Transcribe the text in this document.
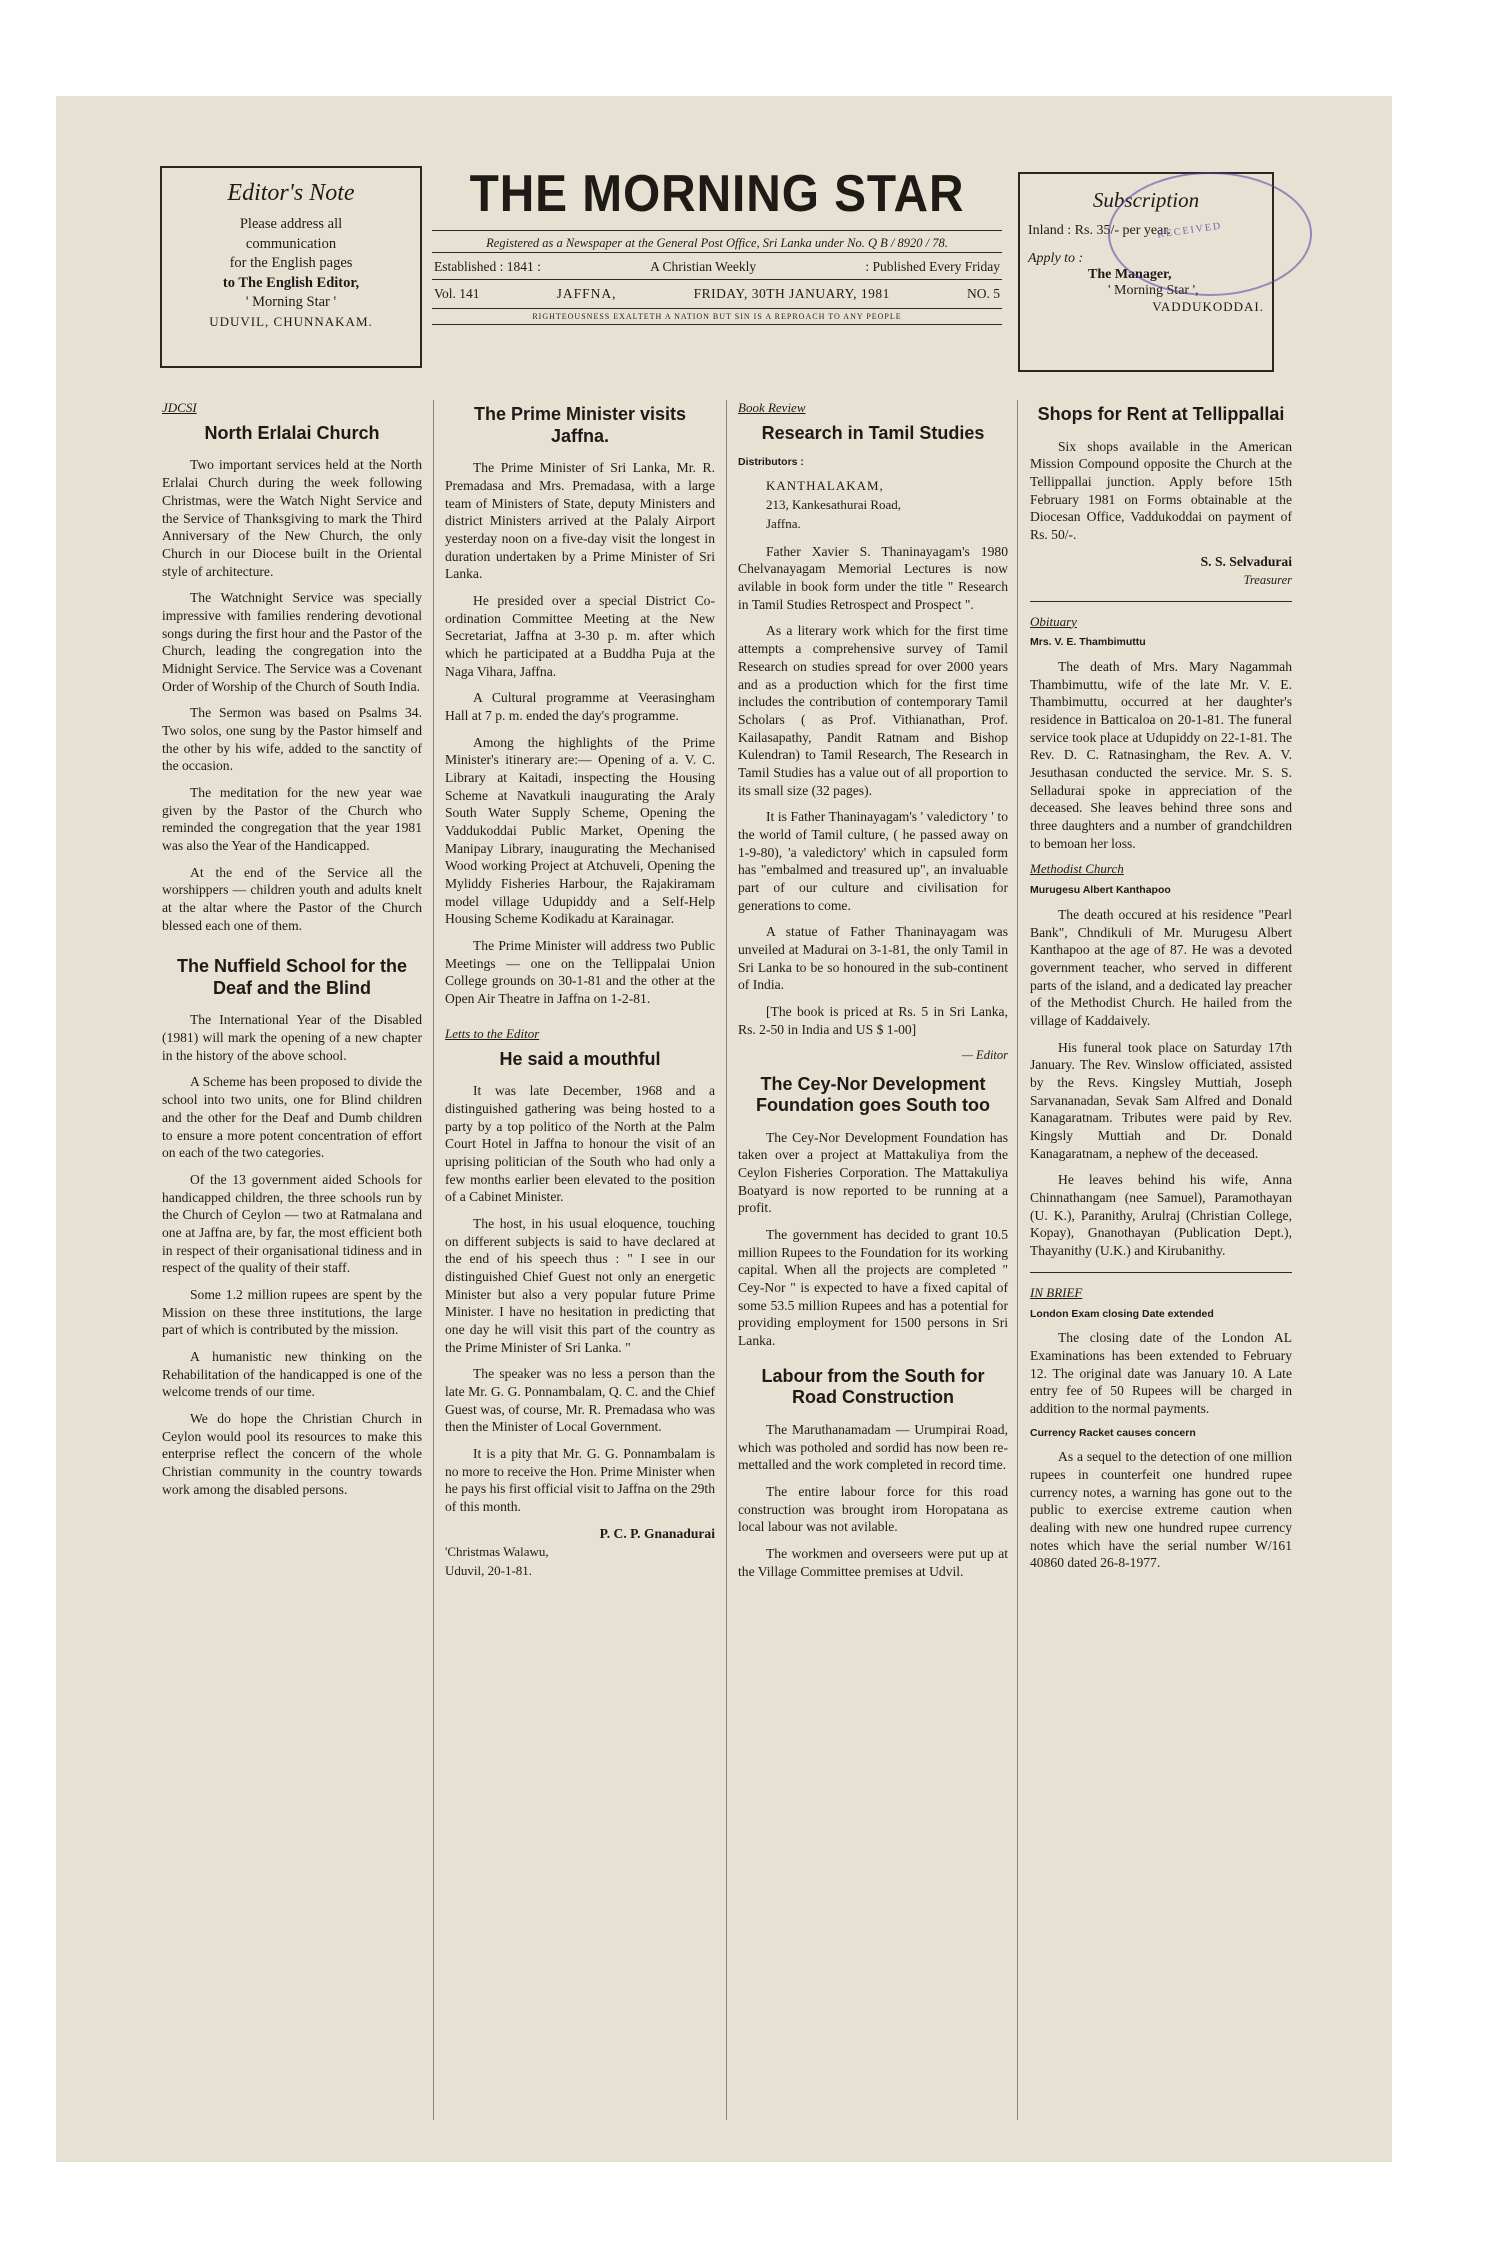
Editor's Note
Please address all
communication
for the English pages
to The English Editor,
' Morning Star '
UDUVIL, CHUNNAKAM.
THE MORNING STAR
Registered as a Newspaper at the General Post Office, Sri Lanka under No. Q B / 8920 / 78.
Established : 1841 :	A Christian Weekly	: Published Every Friday
Vol. 141	JAFFNA,	FRIDAY, 30TH JANUARY, 1981	NO. 5
RIGHTEOUSNESS EXALTETH A NATION BUT SIN IS A REPROACH TO ANY PEOPLE
Subscription
Inland : Rs. 35/- per year.
Apply to :
The Manager,
' Morning Star ',
VADDUKODDAI.
RECEIVED
JDCSI
North Erlalai Church

Two important services held at the North Erlalai Church during the week following Christmas, were the Watch Night Service and the Service of Thanksgiving to mark the Third Anniversary of the New Church, the only Church in our Diocese built in the Oriental style of architecture.

The Watchnight Service was specially impressive with families rendering devotional songs during the first hour and the Pastor of the Church, leading the congregation into the Midnight Service. The Service was a Covenant Order of Worship of the Church of South India.

The Sermon was based on Psalms 34. Two solos, one sung by the Pastor himself and the other by his wife, added to the sanctity of the occasion.

The meditation for the new year wae given by the Pastor of the Church who reminded the congregation that the year 1981 was also the Year of the Handicapped.

At the end of the Service all the worshippers — children youth and adults knelt at the altar where the Pastor of the Church blessed each one of them.

The Nuffield School for the Deaf and the Blind

The International Year of the Disabled (1981) will mark the opening of a new chapter in the history of the above school.

A Scheme has been proposed to divide the school into two units, one for Blind children and the other for the Deaf and Dumb children to ensure a more potent concentration of effort on each of the two categories.

Of the 13 government aided Schools for handicapped children, the three schools run by the Church of Ceylon — two at Ratmalana and one at Jaffna are, by far, the most efficient both in respect of their organisational tidiness and in respect of the quality of their staff.

Some 1.2 million rupees are spent by the Mission on these three institutions, the large part of which is contributed by the mission.

A humanistic new thinking on the Rehabilitation of the handicapped is one of the welcome trends of our time.

We do hope the Christian Church in Ceylon would pool its resources to make this enterprise reflect the concern of the whole Christian community in the country towards work among the disabled persons.

The Prime Minister visits Jaffna.

The Prime Minister of Sri Lanka, Mr. R. Premadasa and Mrs. Premadasa, with a large team of Ministers of State, deputy Ministers and district Ministers arrived at the Palaly Airport yesterday noon on a five-day visit the longest in duration undertaken by a Prime Minister of Sri Lanka.

He presided over a special District Co-ordination Committee Meeting at the New Secretariat, Jaffna at 3-30 p. m. after which which he participated at a Buddha Puja at the Naga Vihara, Jaffna.

A Cultural programme at Veerasingham Hall at 7 p. m. ended the day's programme.

Among the highlights of the Prime Minister's itinerary are:— Opening of a. V. C. Library at Kaitadi, inspecting the Housing Scheme at Navatkuli inaugurating the Araly South Water Supply Scheme, Opening the Vaddukoddai Public Market, Opening the Manipay Library, inaugurating the Mechanised Wood working Project at Atchuveli, Opening the Myliddy Fisheries Harbour, the Rajakiramam model village Udupiddy and a Self-Help Housing Scheme Kodikadu at Karainagar.

The Prime Minister will address two Public Meetings — one on the Tellippalai Union College grounds on 30-1-81 and the other at the Open Air Theatre in Jaffna on 1-2-81.

Letts to the Editor
He said a mouthful

It was late December, 1968 and a distinguished gathering was being hosted to a party by a top politico of the North at the Palm Court Hotel in Jaffna to honour the visit of an uprising politician of the South who had only a few months earlier been elevated to the position of a Cabinet Minister.

The host, in his usual eloquence, touching on different subjects is said to have declared at the end of his speech thus : " I see in our distinguished Chief Guest not only an energetic Minister but also a very popular future Prime Minister. I have no hesitation in predicting that one day he will visit this part of the country as the Prime Minister of Sri Lanka. "

The speaker was no less a person than the late Mr. G. G. Ponnambalam, Q. C. and the Chief Guest was, of course, Mr. R. Premadasa who was then the Minister of Local Government.

It is a pity that Mr. G. G. Ponnambalam is no more to receive the Hon. Prime Minister when he pays his first official visit to Jaffna on the 29th of this month.

P. C. P. Gnanadurai
'Christmas Walawu,
Uduvil, 20-1-81.
Book Review
Research in Tamil Studies
Distributors :
KANTHALAKAM,
213, Kankesathurai Road,
Jaffna.

Father Xavier S. Thaninayagam's 1980 Chelvanayagam Memorial Lectures is now avilable in book form under the title " Research in Tamil Studies Retrospect and Prospect ".

As a literary work which for the first time attempts a comprehensive survey of Tamil Research on studies spread for over 2000 years and as a production which for the first time includes the contribution of contemporary Tamil Scholars ( as Prof. Vithianathan, Prof. Kailasapathy, Pandit Ratnam and Bishop Kulendran) to Tamil Research, The Research in Tamil Studies has a value out of all proportion to its small size (32 pages).

It is Father Thaninayagam's ' valedictory ' to the world of Tamil culture, ( he passed away on 1-9-80), 'a valedictory' which in capsuled form has "embalmed and treasured up", an invaluable part of our culture and civilisation for generations to come.

A statue of Father Thaninayagam was unveiled at Madurai on 3-1-81, the only Tamil in Sri Lanka to be so honoured in the sub-continent of India.

[The book is priced at Rs. 5 in Sri Lanka, Rs. 2-50 in India and US $ 1-00]

— Editor
The Cey-Nor Development Foundation goes South too

The Cey-Nor Development Foundation has taken over a project at Mattakuliya from the Ceylon Fisheries Corporation. The Mattakuliya Boatyard is now reported to be running at a profit.

The government has decided to grant 10.5 million Rupees to the Foundation for its working capital. When all the projects are completed " Cey-Nor " is expected to have a fixed capital of some 53.5 million Rupees and has a potential for providing employment for 1500 persons in Sri Lanka.

Labour from the South for Road Construction

The Maruthanamadam — Urumpirai Road, which was potholed and sordid has now been re-mettalled and the work completed in record time.

The entire labour force for this road construction was brought irom Horopatana as local labour was not avilable.

The workmen and overseers were put up at the Village Committee premises at Udvil.

Shops for Rent at Tellippallai

Six shops available in the American Mission Compound opposite the Church at the Tellippallai junction. Apply before 15th February 1981 on Forms obtainable at the Diocesan Office, Vaddukoddai on payment of Rs. 50/-.

S. S. Selvadurai
Treasurer
Obituary
Mrs. V. E. Thambimuttu

The death of Mrs. Mary Nagammah Thambimuttu, wife of the late Mr. V. E. Thambimuttu, occurred at her daughter's residence in Batticaloa on 20-1-81. The funeral service took place at Udupiddy on 22-1-81. The Rev. D. C. Ratnasingham, the Rev. A. V. Jesuthasan conducted the service. Mr. S. S. Selladurai spoke in appreciation of the deceased. She leaves behind three sons and three daughters and a number of grandchildren to bemoan her loss.

Methodist Church
Murugesu Albert Kanthapoo

The death occured at his residence "Pearl Bank", Chndikuli of Mr. Murugesu Albert Kanthapoo at the age of 87. He was a devoted government teacher, who served in different parts of the island, and a dedicated lay preacher of the Methodist Church. He hailed from the village of Kaddaively.

His funeral took place on Saturday 17th January. The Rev. Winslow officiated, assisted by the Revs. Kingsley Muttiah, Joseph Sarvananadan, Sevak Sam Alfred and Donald Kanagaratnam. Tributes were paid by Rev. Kingsly Muttiah and Dr. Donald Kanagaratnam, a nephew of the deceased.

He leaves behind his wife, Anna Chinnathangam (nee Samuel), Paramothayan (U. K.), Paranithy, Arulraj (Christian College, Kopay), Gnanothayan (Publication Dept.), Thayanithy (U.K.) and Kirubanithy.

IN BRIEF
London Exam closing Date extended

The closing date of the London AL Examinations has been extended to February 12. The original date was January 10. A Late entry fee of 50 Rupees will be charged in addition to the normal payments.

Currency Racket causes concern

As a sequel to the detection of one million rupees in counterfeit one hundred rupee currency notes, a warning has gone out to the public to exercise extreme caution when dealing with new one hundred rupee currency notes which have the serial number W/161 40860 dated 26-8-1977.
